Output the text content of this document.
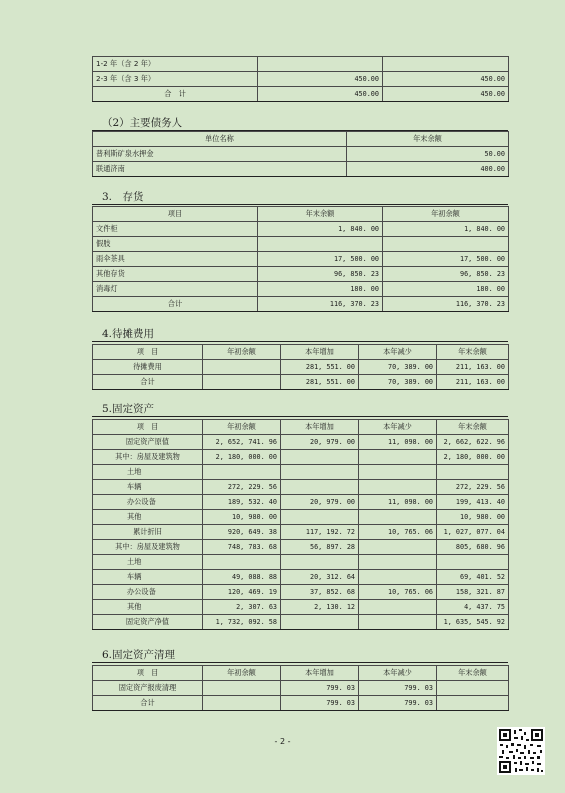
1-2 年（含 2 年）		
2-3 年（含 3 年）	450.00	450.00
合　计	450.00	450.00
（2）主要债务人
单位名称	年末余额
普利斯矿泉水押金	50.00
联通济南	400.00
3.　存货
项目	年末余额	年初余额
文件柜	1, 840. 00	1, 840. 00
假肢		
雨伞茶具	17, 500. 00	17, 500. 00
其他存货	96, 850. 23	96, 850. 23
消毒灯	180. 00	180. 00
合计	116, 370. 23	116, 370. 23
4.待摊费用
项　目	年初余额	本年增加	本年减少	年末余额
待摊费用		281, 551. 00	70, 389. 00	211, 163. 00
合计		281, 551. 00	70, 389. 00	211, 163. 00
5.固定资产
项　目	年初余额	本年增加	本年减少	年末余额
固定资产原值	2, 652, 741. 96	20, 979. 00	11, 098. 00	2, 662, 622. 96
其中：房屋及建筑物	2, 180, 000. 00			2, 180, 000. 00
土地				
车辆	272, 229. 56			272, 229. 56
办公设备	189, 532. 40	20, 979. 00	11, 098. 00	199, 413. 40
其他	10, 980. 00			10, 980. 00
累计折旧	920, 649. 38	117, 192. 72	10, 765. 06	1, 027, 077. 04
其中：房屋及建筑物	748, 783. 68	56, 897. 28		805, 680. 96
土地				
车辆	49, 088. 88	20, 312. 64		69, 401. 52
办公设备	120, 469. 19	37, 852. 68	10, 765. 06	158, 321. 87
其他	2, 307. 63	2, 130. 12		4, 437. 75
固定资产净值	1, 732, 092. 58			1, 635, 545. 92
6.固定资产清理
项　目	年初余额	本年增加	本年减少	年末余额
固定资产报废清理		799. 03	799. 03	
合计		799. 03	799. 03	
- 2 -
